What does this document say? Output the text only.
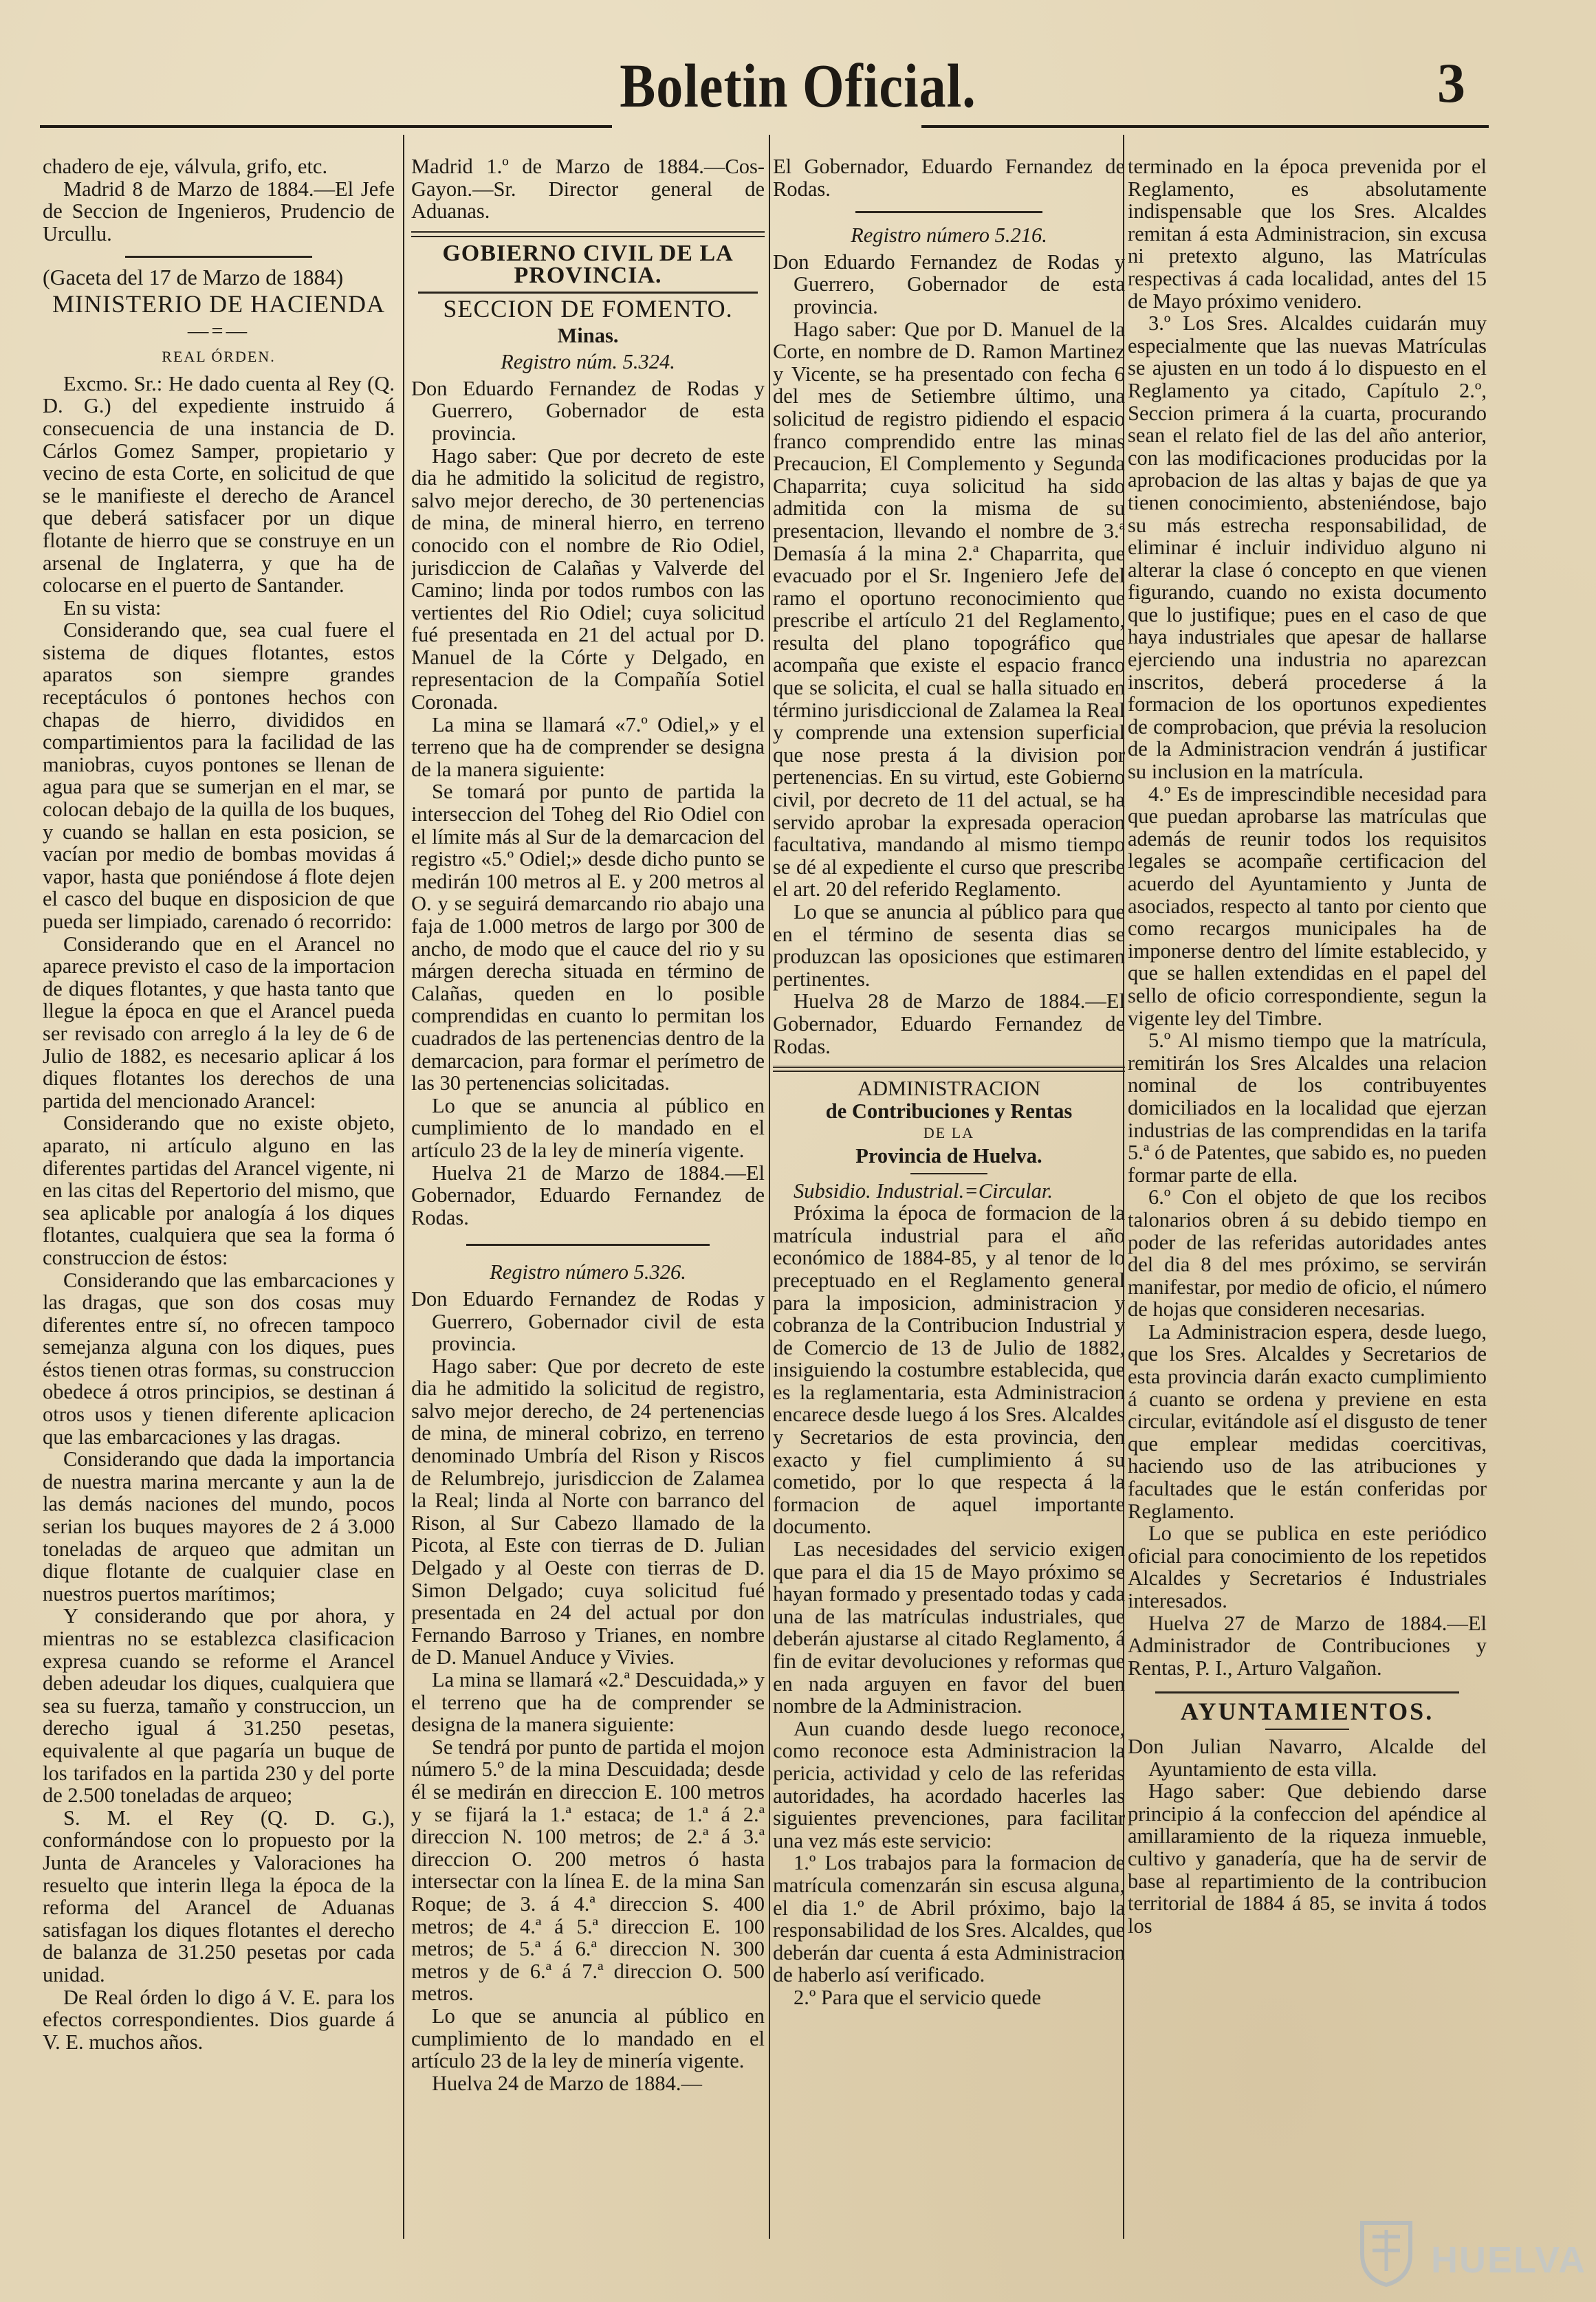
Boletin Oficial.	3

chadero de eje, válvula, grifo, etc.

Madrid 8 de Marzo de 1884.—El Jefe de Seccion de Ingenieros, Prudencio de Urcullu.

(Gaceta del 17 de Marzo de 1884)

MINISTERIO DE HACIENDA

—=—

REAL ÓRDEN.

Excmo. Sr.: He dado cuenta al Rey (Q. D. G.) del expediente instruido á consecuencia de una instancia de D. Cárlos Gomez Samper, propietario y vecino de esta Corte, en solicitud de que se le manifieste el derecho de Arancel que deberá satisfacer por un dique flotante de hierro que se construye en un arsenal de Inglaterra, y que ha de colocarse en el puerto de Santander.

En su vista:

Considerando que, sea cual fuere el sistema de diques flotantes, estos aparatos son siempre grandes receptáculos ó pontones hechos con chapas de hierro, divididos en compartimientos para la facilidad de las maniobras, cuyos pontones se llenan de agua para que se sumerjan en el mar, se colocan debajo de la quilla de los buques, y cuando se hallan en esta posicion, se vacían por medio de bombas movidas á vapor, hasta que poniéndose á flote dejen el casco del buque en disposicion de que pueda ser limpiado, carenado ó recorrido:

Considerando que en el Arancel no aparece previsto el caso de la importacion de diques flotantes, y que hasta tanto que llegue la época en que el Arancel pueda ser revisado con arreglo á la ley de 6 de Julio de 1882, es necesario aplicar á los diques flotantes los derechos de una partida del mencionado Arancel:

Considerando que no existe objeto, aparato, ni artículo alguno en las diferentes partidas del Arancel vigente, ni en las citas del Repertorio del mismo, que sea aplicable por analogía á los diques flotantes, cualquiera que sea la forma ó construccion de éstos:

Considerando que las embarcaciones y las dragas, que son dos cosas muy diferentes entre sí, no ofrecen tampoco semejanza alguna con los diques, pues éstos tienen otras formas, su construccion obedece á otros principios, se destinan á otros usos y tienen diferente aplicacion que las embarcaciones y las dragas.

Considerando que dada la importancia de nuestra marina mercante y aun la de las demás naciones del mundo, pocos serian los buques mayores de 2 á 3.000 toneladas de arqueo que admitan un dique flotante de cualquier clase en nuestros puertos marítimos;

Y considerando que por ahora, y mientras no se establezca clasificacion expresa cuando se reforme el Arancel deben adeudar los diques, cualquiera que sea su fuerza, tamaño y construccion, un derecho igual á 31.250 pesetas, equivalente al que pagaría un buque de los tarifados en la partida 230 y del porte de 2.500 toneladas de arqueo;

S. M. el Rey (Q. D. G.), conformándose con lo propuesto por la Junta de Aranceles y Valoraciones ha resuelto que interin llega la época de la reforma del Arancel de Aduanas satisfagan los diques flotantes el derecho de balanza de 31.250 pesetas por cada unidad.

De Real órden lo digo á V. E. para los efectos correspondientes. Dios guarde á V. E. muchos años.

Madrid 1.º de Marzo de 1884.—Cos-Gayon.—Sr. Director general de Aduanas.

GOBIERNO CIVIL DE LA PROVINCIA.

SECCION DE FOMENTO.

Minas.

Registro núm. 5.324.

Don Eduardo Fernandez de Rodas y Guerrero, Gobernador de esta provincia.

Hago saber: Que por decreto de este dia he admitido la solicitud de registro, salvo mejor derecho, de 30 pertenencias de mina, de mineral hierro, en terreno conocido con el nombre de Rio Odiel, jurisdiccion de Calañas y Valverde del Camino; linda por todos rumbos con las vertientes del Rio Odiel; cuya solicitud fué presentada en 21 del actual por D. Manuel de la Córte y Delgado, en representacion de la Compañía Sotiel Coronada.

La mina se llamará «7.º Odiel,» y el terreno que ha de comprender se designa de la manera siguiente:

Se tomará por punto de partida la interseccion del Toheg del Rio Odiel con el límite más al Sur de la demarcacion del registro «5.º Odiel;» desde dicho punto se medirán 100 metros al E. y 200 metros al O. y se seguirá demarcando rio abajo una faja de 1.000 metros de largo por 300 de ancho, de modo que el cauce del rio y su márgen derecha situada en término de Calañas, queden en lo posible comprendidas en cuanto lo permitan los cuadrados de las pertenencias dentro de la demarcacion, para formar el perímetro de las 30 pertenencias solicitadas.

Lo que se anuncia al público en cumplimiento de lo mandado en el artículo 23 de la ley de minería vigente.

Huelva 21 de Marzo de 1884.—El Gobernador, Eduardo Fernandez de Rodas.

Registro número 5.326.

Don Eduardo Fernandez de Rodas y Guerrero, Gobernador civil de esta provincia.

Hago saber: Que por decreto de este dia he admitido la solicitud de registro, salvo mejor derecho, de 24 pertenencias de mina, de mineral cobrizo, en terreno denominado Umbría del Rison y Riscos de Relumbrejo, jurisdiccion de Zalamea la Real; linda al Norte con barranco del Rison, al Sur Cabezo llamado de la Picota, al Este con tierras de D. Julian Delgado y al Oeste con tierras de D. Simon Delgado; cuya solicitud fué presentada en 24 del actual por don Fernando Barroso y Trianes, en nombre de D. Manuel Anduce y Vivies.

La mina se llamará «2.ª Descuidada,» y el terreno que ha de comprender se designa de la manera siguiente:

Se tendrá por punto de partida el mojon número 5.º de la mina Descuidada; desde él se medirán en direccion E. 100 metros y se fijará la 1.ª estaca; de 1.ª á 2.ª direccion N. 100 metros; de 2.ª á 3.ª direccion O. 200 metros ó hasta intersectar con la línea E. de la mina San Roque; de 3. á 4.ª direccion S. 400 metros; de 4.ª á 5.ª direccion E. 100 metros; de 5.ª á 6.ª direccion N. 300 metros y de 6.ª á 7.ª direccion O. 500 metros.

Lo que se anuncia al público en cumplimiento de lo mandado en el artículo 23 de la ley de minería vigente.

Huelva 24 de Marzo de 1884.—

El Gobernador, Eduardo Fernandez de Rodas.

Registro número 5.216.

Don Eduardo Fernandez de Rodas y Guerrero, Gobernador de esta provincia.

Hago saber: Que por D. Manuel de la Corte, en nombre de D. Ramon Martinez y Vicente, se ha presentado con fecha 6 del mes de Setiembre último, una solicitud de registro pidiendo el espacio franco comprendido entre las minas Precaucion, El Complemento y Segunda Chaparrita; cuya solicitud ha sido admitida con la misma de su presentacion, llevando el nombre de 3.ª Demasía á la mina 2.ª Chaparrita, que evacuado por el Sr. Ingeniero Jefe del ramo el oportuno reconocimiento que prescribe el artículo 21 del Reglamento, resulta del plano topográfico que acompaña que existe el espacio franco que se solicita, el cual se halla situado en término jurisdiccional de Zalamea la Real y comprende una extension superficial que nose presta á la division por pertenencias. En su virtud, este Gobierno civil, por decreto de 11 del actual, se ha servido aprobar la expresada operacion facultativa, mandando al mismo tiempo se dé al expediente el curso que prescribe el art. 20 del referido Reglamento.

Lo que se anuncia al público para que en el término de sesenta dias se produzcan las oposiciones que estimaren pertinentes.

Huelva 28 de Marzo de 1884.—El Gobernador, Eduardo Fernandez de Rodas.

ADMINISTRACION

de Contribuciones y Rentas

DE LA

Provincia de Huelva.

Subsidio. Industrial.=Circular.

Próxima la época de formacion de la matrícula industrial para el año económico de 1884-85, y al tenor de lo preceptuado en el Reglamento general para la imposicion, administracion y cobranza de la Contribucion Industrial y de Comercio de 13 de Julio de 1882, insiguiendo la costumbre establecida, que es la reglamentaria, esta Administracion encarece desde luego á los Sres. Alcaldes y Secretarios de esta provincia, den exacto y fiel cumplimiento á su cometido, por lo que respecta á la formacion de aquel importante documento.

Las necesidades del servicio exigen que para el dia 15 de Mayo próximo se hayan formado y presentado todas y cada una de las matrículas industriales, que deberán ajustarse al citado Reglamento, á fin de evitar devoluciones y reformas que en nada arguyen en favor del buen nombre de la Administracion.

Aun cuando desde luego reconoce, como reconoce esta Administracion la pericia, actividad y celo de las referidas autoridades, ha acordado hacerles las siguientes prevenciones, para facilitar una vez más este servicio:

1.º Los trabajos para la formacion de matrícula comenzarán sin escusa alguna, el dia 1.º de Abril próximo, bajo la responsabilidad de los Sres. Alcaldes, que deberán dar cuenta á esta Administracion de haberlo así verificado.

2.º Para que el servicio quede

terminado en la época prevenida por el Reglamento, es absolutamente indispensable que los Sres. Alcaldes remitan á esta Administracion, sin excusa ni pretexto alguno, las Matrículas respectivas á cada localidad, antes del 15 de Mayo próximo venidero.

3.º Los Sres. Alcaldes cuidarán muy especialmente que las nuevas Matrículas se ajusten en un todo á lo dispuesto en el Reglamento ya citado, Capítulo 2.º, Seccion primera á la cuarta, procurando sean el relato fiel de las del año anterior, con las modificaciones producidas por la aprobacion de las altas y bajas de que ya tienen conocimiento, absteniéndose, bajo su más estrecha responsabilidad, de eliminar é incluir individuo alguno ni alterar la clase ó concepto en que vienen figurando, cuando no exista documento que lo justifique; pues en el caso de que haya industriales que apesar de hallarse ejerciendo una industria no aparezcan inscritos, deberá procederse á la formacion de los oportunos expedientes de comprobacion, que prévia la resolucion de la Administracion vendrán á justificar su inclusion en la matrícula.

4.º Es de imprescindible necesidad para que puedan aprobarse las matrículas que además de reunir todos los requisitos legales se acompañe certificacion del acuerdo del Ayuntamiento y Junta de asociados, respecto al tanto por ciento que como recargos municipales ha de imponerse dentro del límite establecido, y que se hallen extendidas en el papel del sello de oficio correspondiente, segun la vigente ley del Timbre.

5.º Al mismo tiempo que la matrícula, remitirán los Sres Alcaldes una relacion nominal de los contribuyentes domiciliados en la localidad que ejerzan industrias de las comprendidas en la tarifa 5.ª ó de Patentes, que sabido es, no pueden formar parte de ella.

6.º Con el objeto de que los recibos talonarios obren á su debido tiempo en poder de las referidas autoridades antes del dia 8 del mes próximo, se servirán manifestar, por medio de oficio, el número de hojas que consideren necesarias.

La Administracion espera, desde luego, que los Sres. Alcaldes y Secretarios de esta provincia darán exacto cumplimiento á cuanto se ordena y previene en esta circular, evitándole así el disgusto de tener que emplear medidas coercitivas, haciendo uso de las atribuciones y facultades que le están conferidas por Reglamento.

Lo que se publica en este periódico oficial para conocimiento de los repetidos Alcaldes y Secretarios é Industriales interesados.

Huelva 27 de Marzo de 1884.—El Administrador de Contribuciones y Rentas, P. I., Arturo Valgañon.

AYUNTAMIENTOS.

Don Julian Navarro, Alcalde del Ayuntamiento de esta villa.

Hago saber: Que debiendo darse principio á la confeccion del apéndice al amillaramiento de la riqueza inmueble, cultivo y ganadería, que ha de servir de base al repartimiento de la contribucion territorial de 1884 á 85, se invita á todos los

HUELVA
